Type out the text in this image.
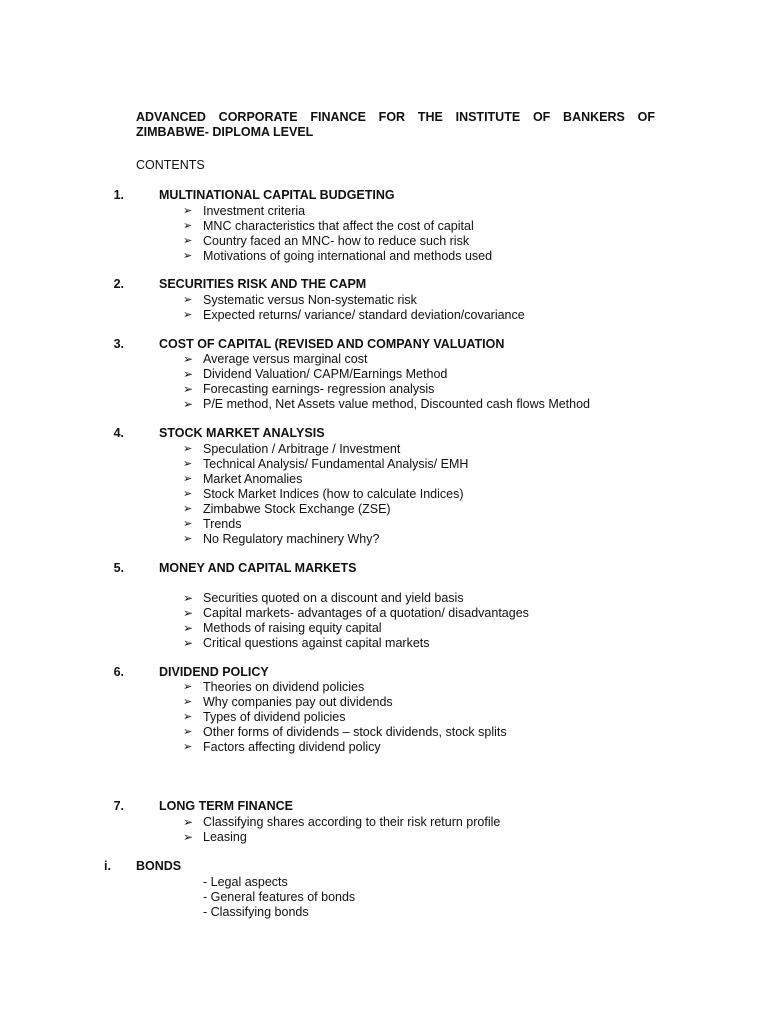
ADVANCED CORPORATE FINANCE FOR THE INSTITUTE OF BANKERS OF ZIMBABWE- DIPLOMA LEVEL
CONTENTS
1.	MULTINATIONAL CAPITAL BUDGETING
➢ Investment criteria
➢ MNC characteristics that affect the cost of capital
➢ Country faced an MNC- how to reduce such risk
➢ Motivations of going international and methods used
2.	SECURITIES RISK AND THE CAPM
➢ Systematic versus Non-systematic risk
➢ Expected returns/ variance/ standard deviation/covariance
3.	COST OF CAPITAL (REVISED AND COMPANY VALUATION
➢ Average versus marginal cost
➢ Dividend Valuation/ CAPM/Earnings Method
➢ Forecasting earnings- regression analysis
➢ P/E method, Net Assets value method, Discounted cash flows Method
4.	STOCK MARKET ANALYSIS
➢ Speculation / Arbitrage / Investment
➢ Technical Analysis/ Fundamental Analysis/ EMH
➢ Market Anomalies
➢ Stock Market Indices (how to calculate Indices)
➢ Zimbabwe Stock Exchange (ZSE)
➢ Trends
➢ No Regulatory machinery Why?
5.	MONEY AND CAPITAL MARKETS
➢ Securities quoted on a discount and yield basis
➢ Capital markets- advantages of a quotation/ disadvantages
➢ Methods of raising equity capital
➢ Critical questions against capital markets
6.	DIVIDEND POLICY
➢ Theories on dividend policies
➢ Why companies pay out dividends
➢ Types of dividend policies
➢ Other forms of dividends – stock dividends, stock splits
➢ Factors affecting dividend policy
7.	LONG TERM FINANCE
➢ Classifying shares according to their risk return profile
➢ Leasing
i. BONDS
- Legal aspects
- General features of bonds
- Classifying bonds
